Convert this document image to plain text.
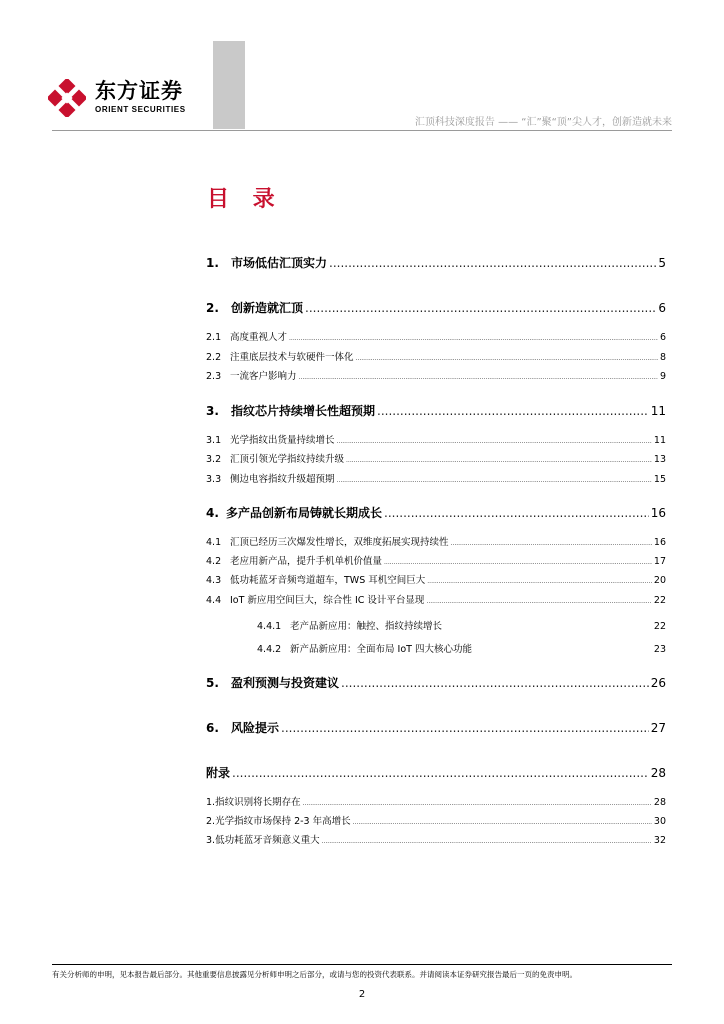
东方证券
ORIENT SECURITIES
汇顶科技深度报告 —— “汇”聚“顶”尖人才，创新造就未来
目 录
1. 市场低估汇顶实力 .....	5
2. 创新造就汇顶 .....	6
2.1 高度重视人才 .....	6
2.2 注重底层技术与软硬件一体化 .....	8
2.3 一流客户影响力 .....	9
3. 指纹芯片持续增长性超预期 .....	11
3.1 光学指纹出货量持续增长 .....	11
3.2 汇顶引领光学指纹持续升级 .....	13
3.3 侧边电容指纹升级超预期 .....	15
4. 多产品创新布局铸就长期成长 .....	16
4.1 汇顶已经历三次爆发性增长，双维度拓展实现持续性 .....	16
4.2 老应用新产品，提升手机单机价值量 .....	17
4.3 低功耗蓝牙音频弯道超车，TWS 耳机空间巨大 .....	20
4.4 IoT 新应用空间巨大，综合性 IC 设计平台显现 .....	22
4.4.1 老产品新应用：触控、指纹持续增长	22
4.4.2 新产品新应用：全面布局 IoT 四大核心功能	23
5. 盈利预测与投资建议 .....	26
6. 风险提示 .....	27
附录 .....	28
1.指纹识别将长期存在 .....	28
2.光学指纹市场保持 2-3 年高增长 .....	30
3.低功耗蓝牙音频意义重大 .....	32
有关分析师的申明，见本报告最后部分。其他重要信息披露见分析师申明之后部分，或请与您的投资代表联系。并请阅读本证券研究报告最后一页的免责申明。
2
